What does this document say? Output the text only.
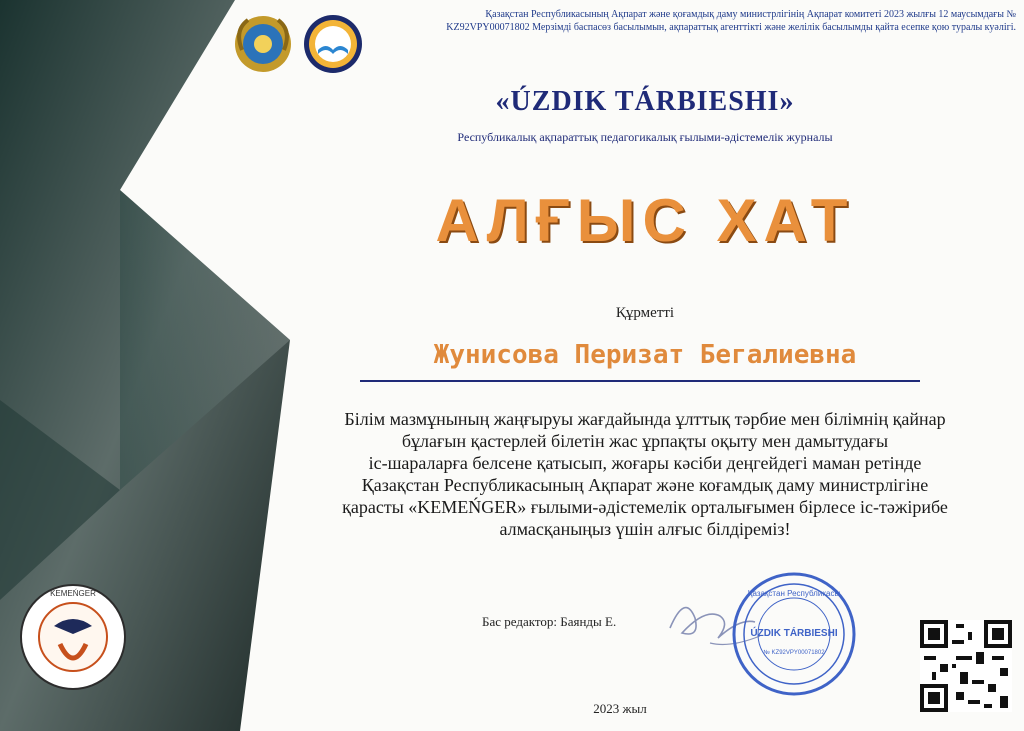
Қазақстан Республикасының Ақпарат және қоғамдық даму министрлігінің Ақпарат комитеті 2023 жылғы 12 маусымдағы № KZ92VPY00071802 Мерзімді баспасөз басылымын, ақпараттық агенттікті және желілік басылымды қайта есепке қою туралы куәлігі.
«ÚZDIK TÁRBIESHI»
Республикалық ақпараттық педагогикалық ғылыми-әдістемелік журналы
АЛҒЫС ХАТ
Құрметті
Жунисова Перизат Бегалиевна
Білім мазмұнының жаңғыруы жағдайында ұлттық тәрбие мен білімнің қайнар
бұлағын қастерлей білетін жас ұрпақты оқыту мен дамытудағы
іс-шараларға белсене қатысып, жоғары кәсіби деңгейдегі маман ретінде
Қазақстан Республикасының Ақпарат және коғамдық даму министрлігіне
қарасты «KEMEŃGER» ғылыми-әдістемелік орталығымен бірлесе іс-тәжірибе
алмасқаныңыз үшін алғыс білдіреміз!
Бас редактор: Баянды Е.
Қазақстан Республикасы
ÚZDIK TÁRBIESHI
№ KZ92VPY00071802
2023 жыл
KEMEŃGER
